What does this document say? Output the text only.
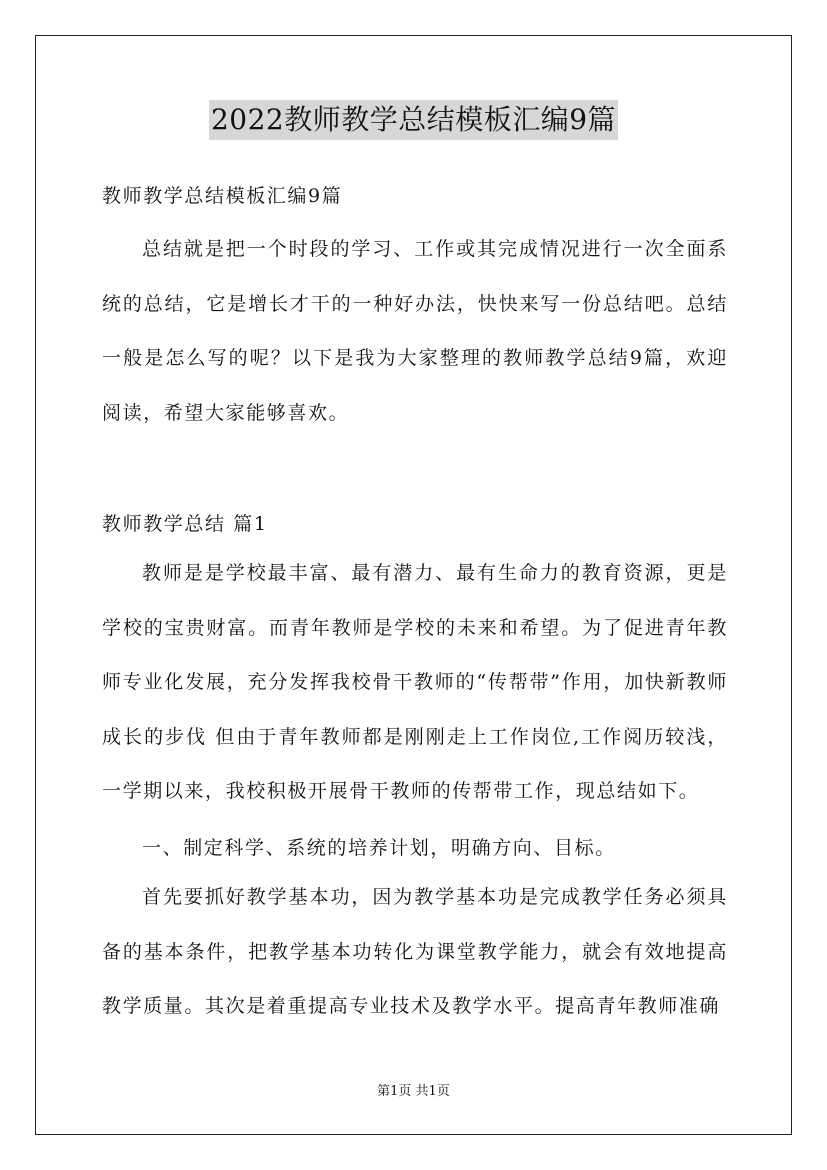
2022教师教学总结模板汇编9篇

教师教学总结模板汇编9篇

总结就是把一个时段的学习、工作或其完成情况进行一次全面系统的总结，它是增长才干的一种好办法，快快来写一份总结吧。总结一般是怎么写的呢？以下是我为大家整理的教师教学总结9篇，欢迎阅读，希望大家能够喜欢。

教师教学总结 篇1

教师是是学校最丰富、最有潜力、最有生命力的教育资源，更是学校的宝贵财富。而青年教师是学校的未来和希望。为了促进青年教师专业化发展，充分发挥我校骨干教师的“传帮带”作用，加快新教师成长的步伐 但由于青年教师都是刚刚走上工作岗位,工作阅历较浅，一学期以来，我校积极开展骨干教师的传帮带工作，现总结如下。

一、制定科学、系统的培养计划，明确方向、目标。

首先要抓好教学基本功，因为教学基本功是完成教学任务必须具备的基本条件，把教学基本功转化为课堂教学能力，就会有效地提高教学质量。其次是着重提高专业技术及教学水平。提高青年教师准确

第1页 共1页
